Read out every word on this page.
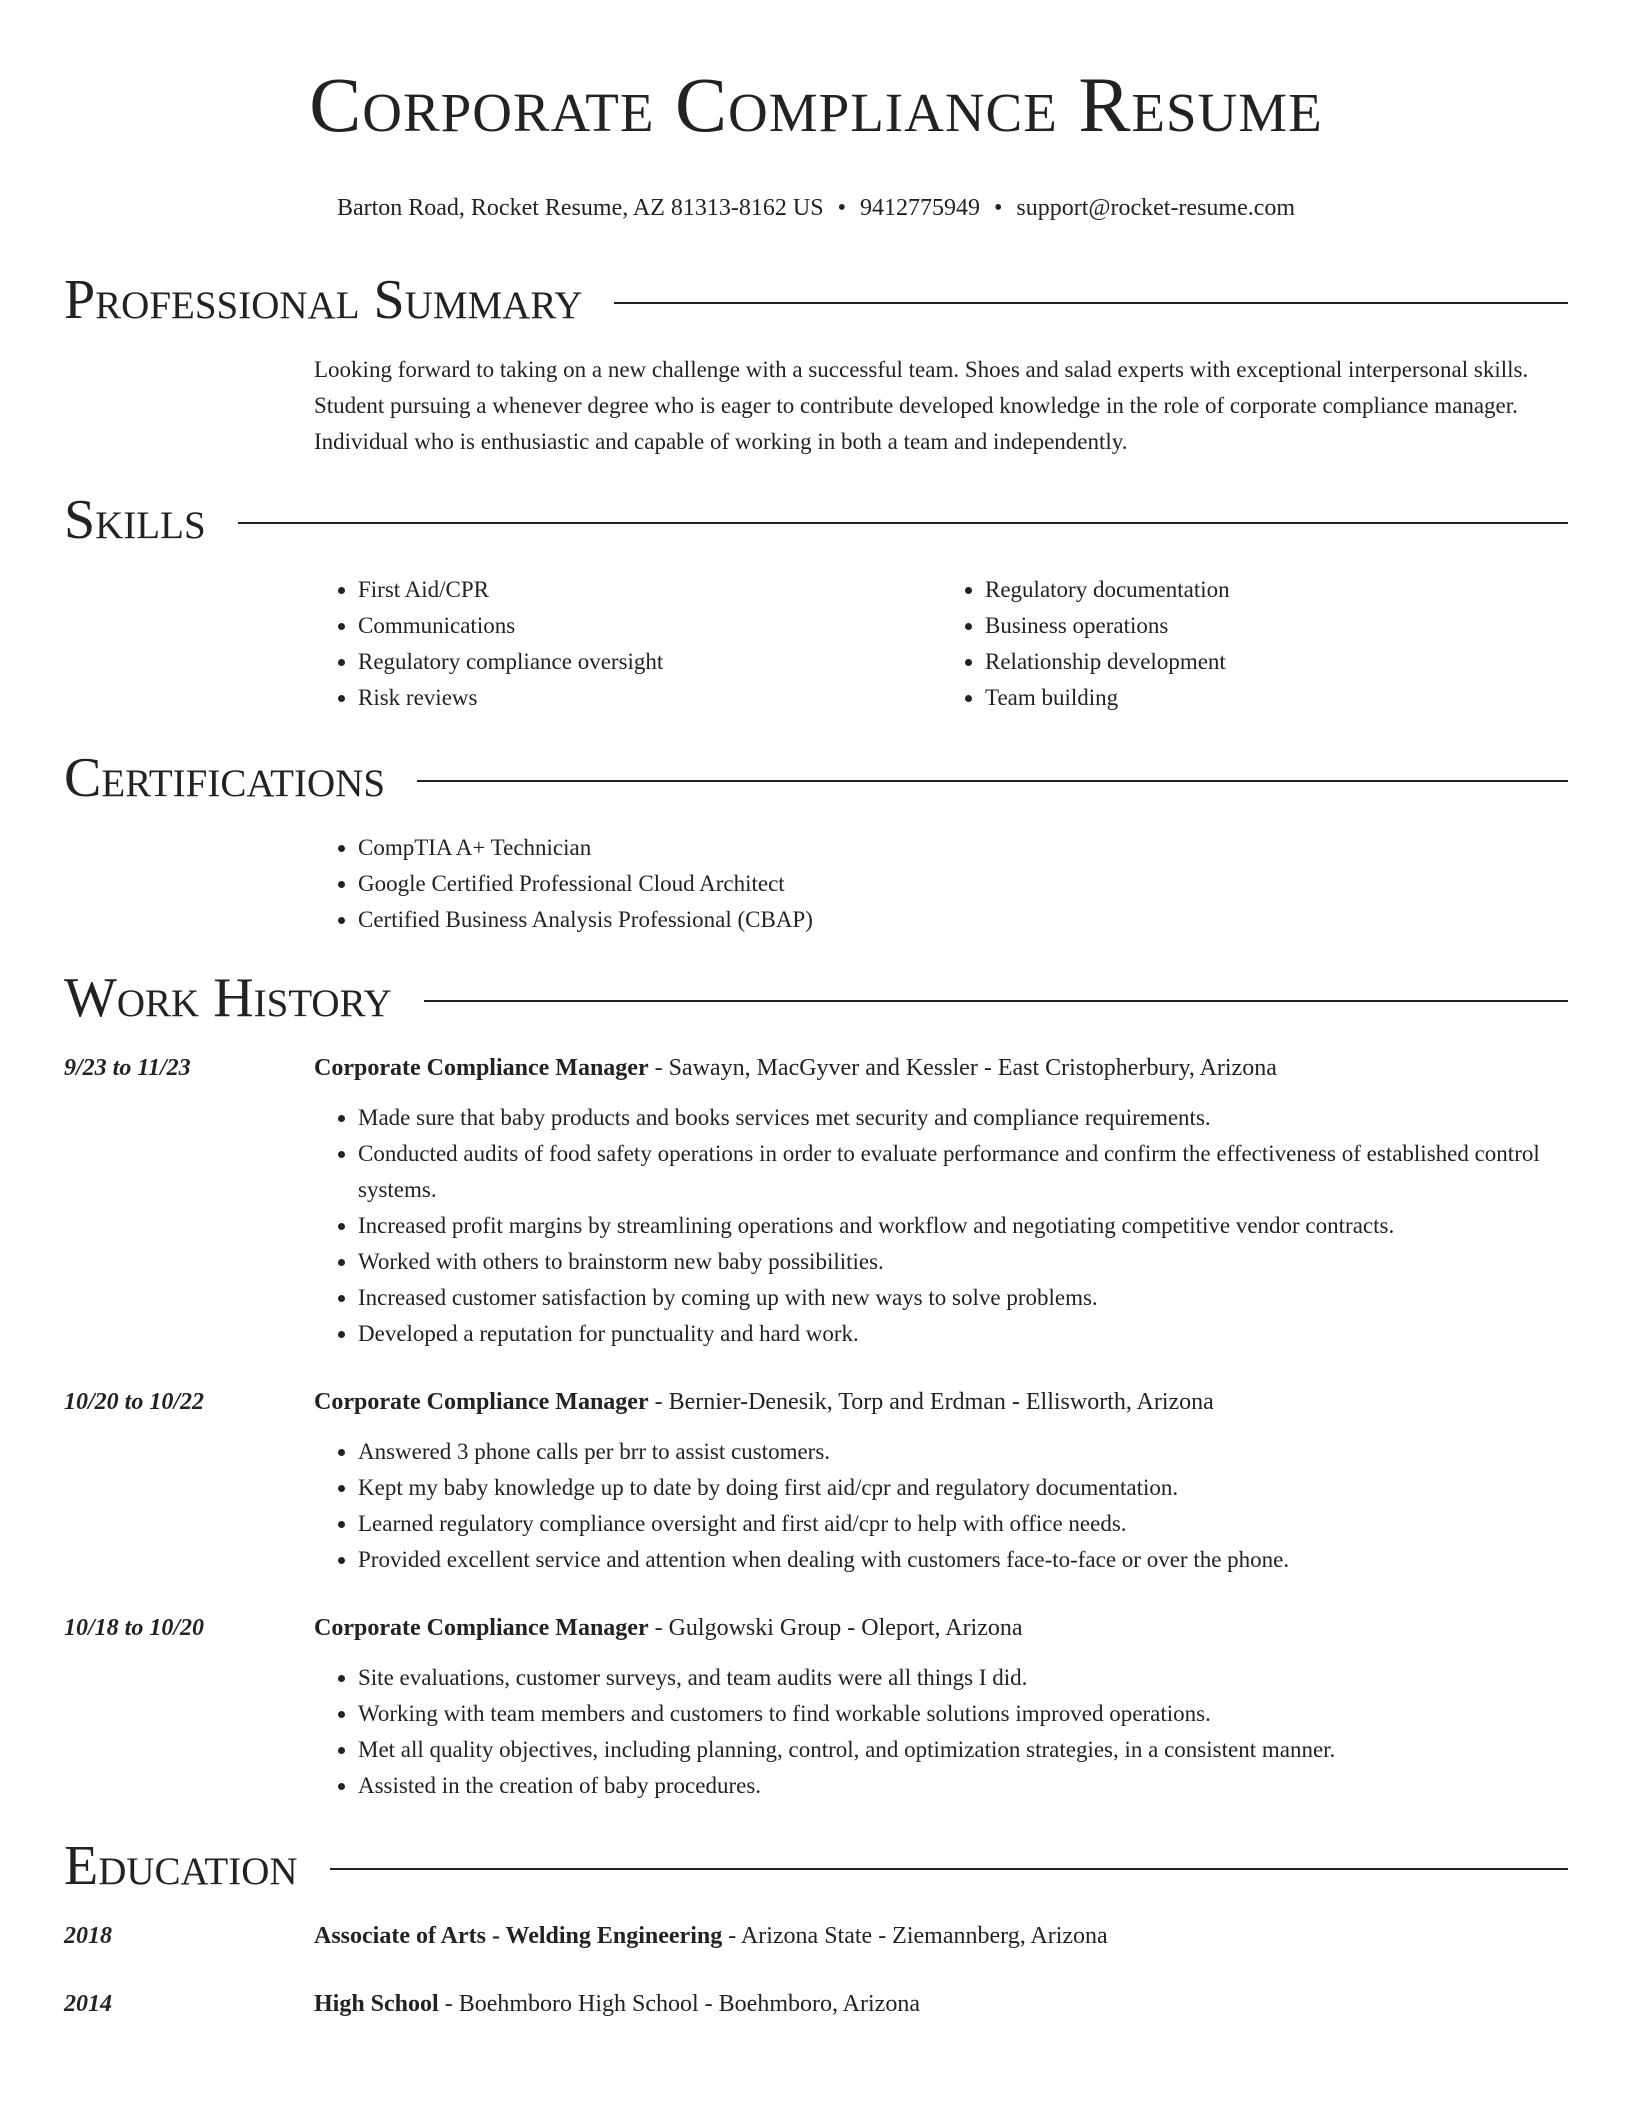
Corporate Compliance Resume
Barton Road, Rocket Resume, AZ 81313-8162 US • 9412775949 • support@rocket-resume.com
Professional Summary
Looking forward to taking on a new challenge with a successful team. Shoes and salad experts with exceptional interpersonal skills. Student pursuing a whenever degree who is eager to contribute developed knowledge in the role of corporate compliance manager. Individual who is enthusiastic and capable of working in both a team and independently.
Skills
• First Aid/CPR
• Communications
• Regulatory compliance oversight
• Risk reviews
• Regulatory documentation
• Business operations
• Relationship development
• Team building
Certifications
• CompTIA A+ Technician
• Google Certified Professional Cloud Architect
• Certified Business Analysis Professional (CBAP)
Work History
9/23 to 11/23	Corporate Compliance Manager - Sawayn, MacGyver and Kessler - East Cristopherbury, Arizona
• Made sure that baby products and books services met security and compliance requirements.
• Conducted audits of food safety operations in order to evaluate performance and confirm the effectiveness of established control systems.
• Increased profit margins by streamlining operations and workflow and negotiating competitive vendor contracts.
• Worked with others to brainstorm new baby possibilities.
• Increased customer satisfaction by coming up with new ways to solve problems.
• Developed a reputation for punctuality and hard work.
10/20 to 10/22	Corporate Compliance Manager - Bernier-Denesik, Torp and Erdman - Ellisworth, Arizona
• Answered 3 phone calls per brr to assist customers.
• Kept my baby knowledge up to date by doing first aid/cpr and regulatory documentation.
• Learned regulatory compliance oversight and first aid/cpr to help with office needs.
• Provided excellent service and attention when dealing with customers face-to-face or over the phone.
10/18 to 10/20	Corporate Compliance Manager - Gulgowski Group - Oleport, Arizona
• Site evaluations, customer surveys, and team audits were all things I did.
• Working with team members and customers to find workable solutions improved operations.
• Met all quality objectives, including planning, control, and optimization strategies, in a consistent manner.
• Assisted in the creation of baby procedures.
Education
2018	Associate of Arts - Welding Engineering - Arizona State - Ziemannberg, Arizona
2014	High School - Boehmboro High School - Boehmboro, Arizona
